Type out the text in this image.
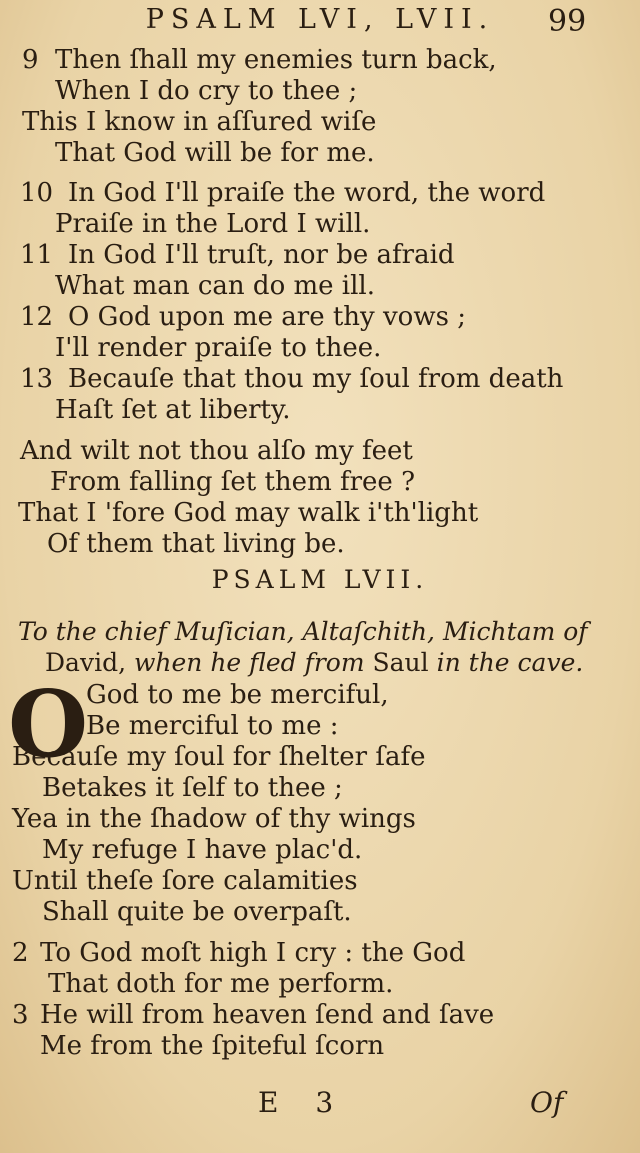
PSALM LVI, LVII.	99
9 Then ſhall my enemies turn back,
When I do cry to thee ;
This I know in aſſured wiſe
That God will be for me.
10 In God I'll praiſe the word, the word
Praiſe in the Lord I will.
11 In God I'll truſt, nor be afraid
What man can do me ill.
12 O God upon me are thy vows ;
I'll render praiſe to thee.
13 Becauſe that thou my ſoul from death
Haſt ſet at liberty.
And wilt not thou alſo my feet
From falling ſet them free ?
That I 'fore God may walk i'th'light
Of them that living be.
PSALM LVII.
To the chief Muſician, Altaſchith, Michtam of
David, when he fled from Saul in the cave.
O
God to me be merciful,
Be merciful to me :
Becauſe my ſoul for ſhelter ſafe
Betakes it ſelf to thee ;
Yea in the ſhadow of thy wings
My refuge I have plac'd.
Until theſe ſore calamities
Shall quite be overpaſt.
2 To God moſt high I cry : the God
That doth for me perform.
3 He will from heaven ſend and ſave
Me from the ſpiteful ſcorn
E 3	Of
